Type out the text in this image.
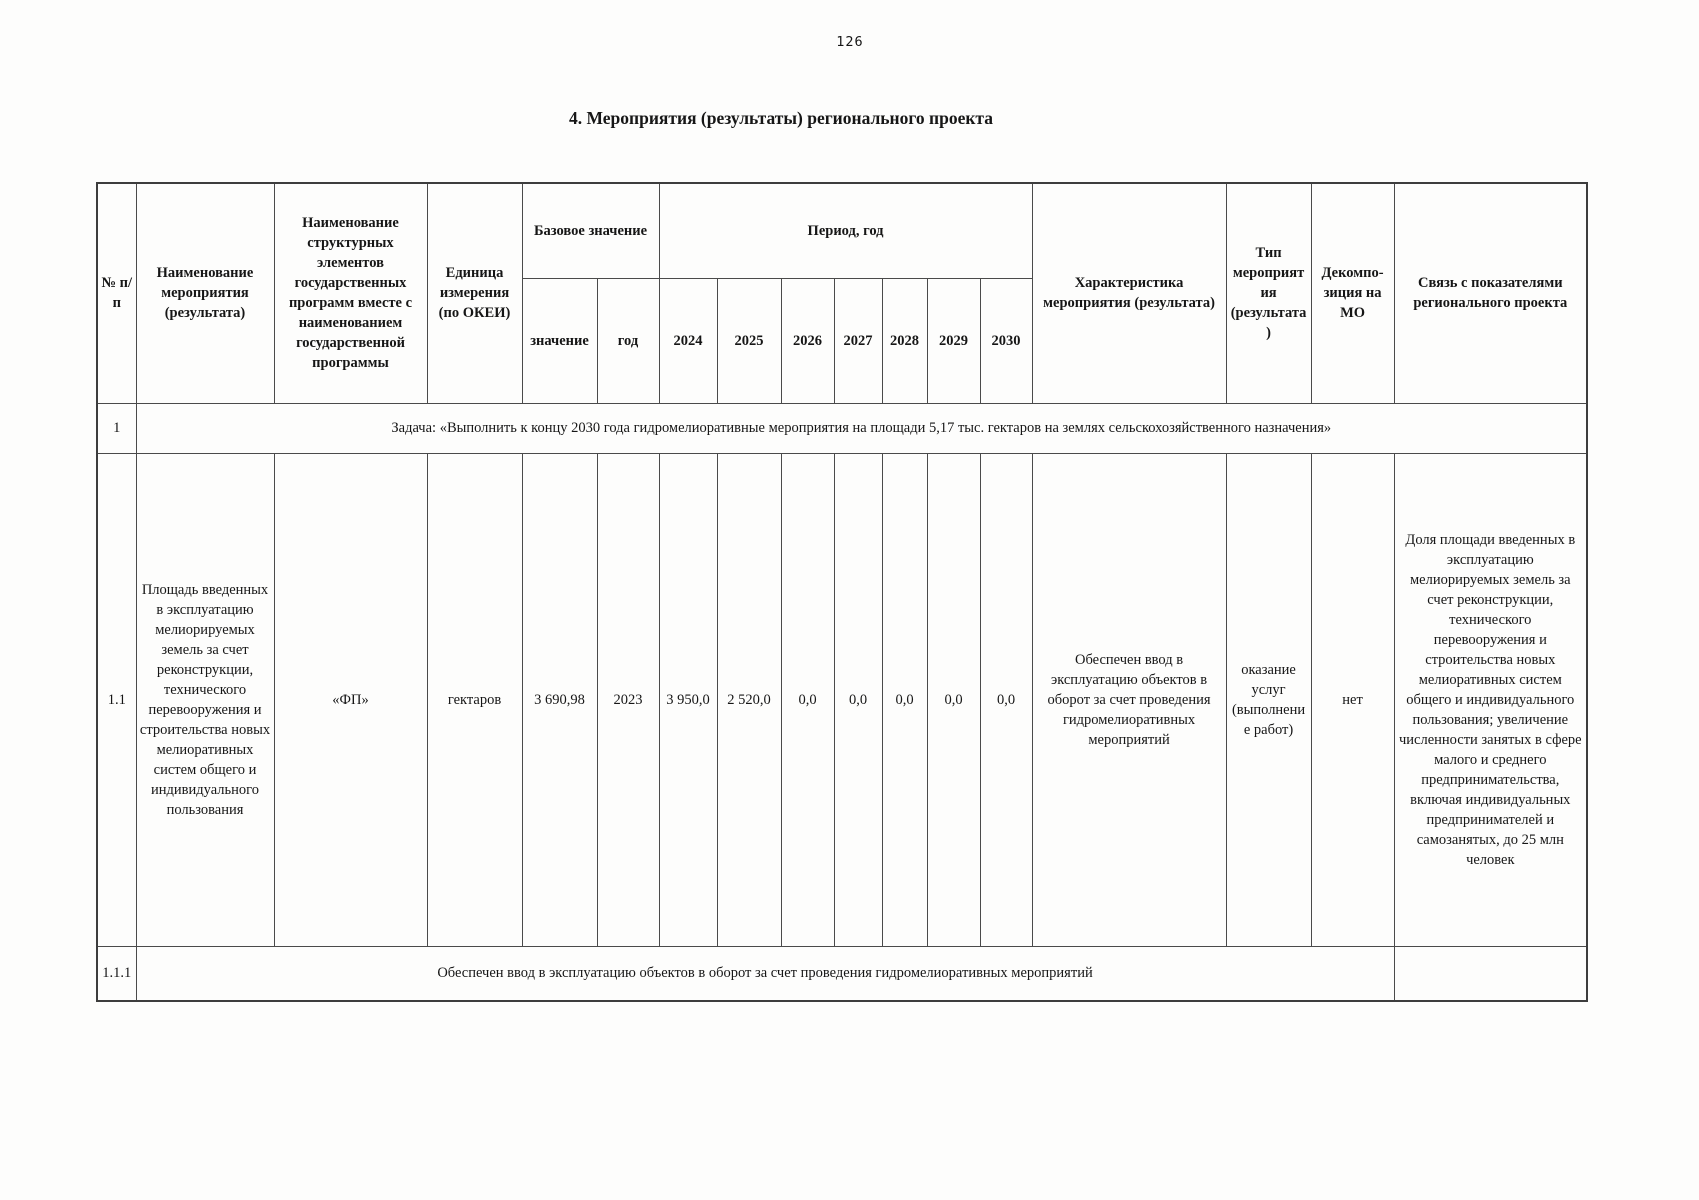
126
4. Мероприятия (результаты) регионального проекта
№ п/п	Наименование мероприятия (результата)	Наименование структурных элементов государственных программ вместе с наименованием государственной программы	Единица измерения (по ОКЕИ)	Базовое значение		Период, год							Характеристика мероприятия (результата)	Тип мероприятия (результата)	Декомпо-зиция на МО	Связь с показателями регионального проекта
				значение	год	2024	2025	2026	2027	2028	2029	2030				
1	Задача: «Выполнить к концу 2030 года гидромелиоративные мероприятия на площади 5,17 тыс. гектаров на землях сельскохозяйственного назначения»															
1.1	Площадь введенных в эксплуатацию мелиорируемых земель за счет реконструкции, технического перевооружения и строительства новых мелиоративных систем общего и индивидуального пользования	«ФП»	гектаров	3 690,98	2023	3 950,0	2 520,0	0,0	0,0	0,0	0,0	0,0	Обеспечен ввод в эксплуатацию объектов в оборот за счет проведения гидромелиоративных мероприятий	оказание услуг (выполнение работ)	нет	Доля площади введенных в эксплуатацию мелиорируемых земель за счет реконструкции, технического перевооружения и строительства новых мелиоративных систем общего и индивидуального пользования; увеличение численности занятых в сфере малого и среднего предпринимательства, включая индивидуальных предпринимателей и самозанятых, до 25 млн человек
1.1.1	Обеспечен ввод в эксплуатацию объектов в оборот за счет проведения гидромелиоративных мероприятий															
